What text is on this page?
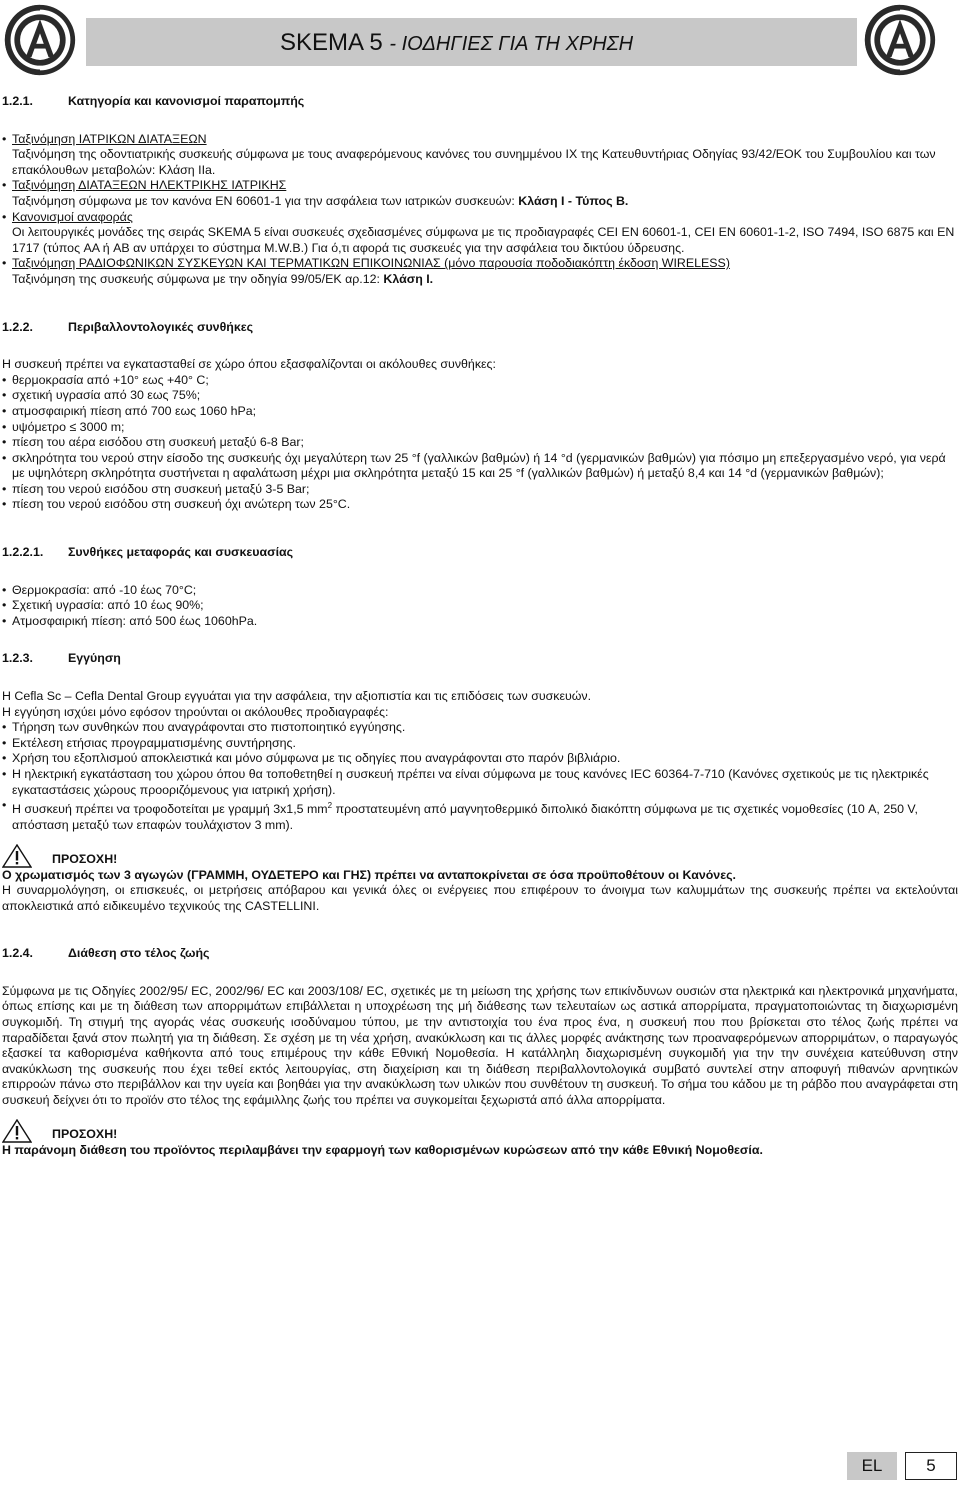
SKEMA 5 - ΙΟΔΗΓΙΕΣ ΓΙΑ ΤΗ ΧΡΗΣΗ
1.2.1.	Κατηγορία και κανονισμοί παραπομπής
• Ταξινόμηση ΙΑΤΡΙΚΩΝ ΔΙΑΤΑΞΕΩΝ
Ταξινόμηση της οδοντιατρικής συσκευής σύμφωνα με τους αναφερόμενους κανόνες του συνημμένου IX της Κατευθυντήριας Οδηγίας 93/42/ΕΟΚ του Συμβουλίου και των επακόλουθων μεταβολών: Κλάση IIa.
• Ταξινόμηση ΔΙΑΤΑΞΕΩΝ ΗΛΕΚΤΡΙΚΗΣ ΙΑΤΡΙΚΗΣ
Ταξινόμηση σύμφωνα με τον κανόνα EN 60601-1 για την ασφάλεια των ιατρικών συσκευών: Κλάση I - Τύπος B.
• Κανονισμοί αναφοράς
Οι λειτουργικές μονάδες της σειράς SKEMA 5 είναι συσκευές σχεδιασμένες σύμφωνα με τις προδιαγραφές CEI EN 60601-1, CEI EN 60601-1-2, ISO 7494, ISO 6875 και EN 1717 (τύπος AA ή AB αν υπάρχει το σύστημα M.W.B.) Για ό,τι αφορά τις συσκευές για την ασφάλεια του δικτύου ύδρευσης.
• Ταξινόμηση ΡΑΔΙΟΦΩΝΙΚΩΝ ΣΥΣΚΕΥΩΝ ΚΑΙ ΤΕΡΜΑΤΙΚΩΝ ΕΠΙΚΟΙΝΩΝΙΑΣ (μόνο παρουσία ποδοδιακόπτη έκδοση WIRELESS)
Ταξινόμηση της συσκευής σύμφωνα με την οδηγία 99/05/ΕΚ αρ.12: Κλάση I.
1.2.2.	Περιβαλλοντολογικές συνθήκες
Η συσκευή πρέπει να εγκατασταθεί σε χώρο όπου εξασφαλίζονται οι ακόλουθες συνθήκες:
• θερμοκρασία από +10° εως +40° C;
• σχετική υγρασία από 30 εως 75%;
• ατμοσφαιρική πίεση από 700 εως 1060 hPa;
• υψόμετρο ≤ 3000 m;
• πίεση του αέρα εισόδου στη συσκευή μεταξύ 6-8 Bar;
• σκληρότητα του νερού στην είσοδο της συσκευής όχι μεγαλύτερη των 25 °f (γαλλικών βαθμών) ή 14 °d (γερμανικών βαθμών) για πόσιμο μη επεξεργασμένο νερό, για νερά με υψηλότερη σκληρότητα συστήνεται η αφαλάτωση μέχρι μια σκληρότητα μεταξύ 15 και 25 °f (γαλλικών βαθμών) ή μεταξύ 8,4 και 14 °d (γερμανικών βαθμών);
• πίεση του νερού εισόδου στη συσκευή μεταξύ 3-5 Bar;
• πίεση του νερού εισόδου στη συσκευή όχι ανώτερη των 25°C.
1.2.2.1.	Συνθήκες μεταφοράς και συσκευασίας
• Θερμοκρασία: από -10 έως 70°C;
• Σχετική υγρασία: από 10 έως 90%;
• Ατμοσφαιρική πίεση: από 500 έως 1060hPa.
1.2.3.	Εγγύηση
Η Cefla Sc – Cefla Dental Group εγγυάται για την ασφάλεια, την αξιοπιστία και τις επιδόσεις των συσκευών.
Η εγγύηση ισχύει μόνο εφόσον τηρούνται οι ακόλουθες προδιαγραφές:
• Τήρηση των συνθηκών που αναγράφονται στο πιστοποιητικό εγγύησης.
• Εκτέλεση ετήσιας προγραμματισμένης συντήρησης.
• Χρήση του εξοπλισμού αποκλειστικά και μόνο σύμφωνα με τις οδηγίες που αναγράφονται στο παρόν βιβλιάριο.
• Η ηλεκτρική εγκατάσταση του χώρου όπου θα τοποθετηθεί η συσκευή πρέπει να είναι σύμφωνα με τους κανόνες IEC 60364-7-710 (Κανόνες σχετικούς με τις ηλεκτρικές εγκαταστάσεις χώρους προοριζόμενους για ιατρική χρήση).
• Η συσκευή πρέπει να τροφοδοτείται με γραμμή 3x1,5 $mm^2$ προστατευμένη από μαγνητοθερμικό διπολικό διακόπτη σύμφωνα με τις σχετικές νομοθεσίες (10 A, 250 V, απόσταση μεταξύ των επαφών τουλάχιστον 3 mm).
ΠΡΟΣΟΧΗ!
Ο χρωματισμός των 3 αγωγών (ΓΡΑΜΜΗ, ΟΥΔΕΤΕΡΟ και ΓΗΣ) πρέπει να ανταποκρίνεται σε όσα προϋποθέτουν οι Κανόνες.
Η συναρμολόγηση, οι επισκευές, οι μετρήσεις απόβαρου και γενικά όλες οι ενέργειες που επιφέρουν το άνοιγμα των καλυμμάτων της συσκευής πρέπει να εκτελούνται αποκλειστικά από ειδικευμένο τεχνικούς της CASTELLINI.
1.2.4.	Διάθεση στο τέλος ζωής
Σύμφωνα με τις Οδηγίες 2002/95/ EC, 2002/96/ EC και 2003/108/ EC, σχετικές με τη μείωση της χρήσης των επικίνδυνων ουσιών στα ηλεκτρικά και ηλεκτρονικά μηχανήματα, όπως επίσης και με τη διάθεση των απορριμάτων επιβάλλεται η υποχρέωση της μή διάθεσης των τελευταίων ως αστικά απορρίματα, πραγματοποιώντας τη διαχωρισμένη συγκομιδή. Τη στιγμή της αγοράς νέας συσκευής ισοδύναμου τύπου, με την αντιστοιχία του ένα προς ένα, η συσκευή που που βρίσκεται στο τέλος ζωής πρέπει να παραδίδεται ξανά στον πωλητή για τη διάθεση. Σε σχέση με τη νέα χρήση, ανακύκλωση και τις άλλες μορφές ανάκτησης των προαναφερόμενων απορριμάτων, ο παραγωγός εξασκεί τα καθορισμένα καθήκοντα από τους επιμέρους την κάθε Εθνική Νομοθεσία. Η κατάλληλη διαχωρισμένη συγκομιδή για την την συνέχεια κατεύθυνση στην ανακύκλωση της συσκευής που έχει τεθεί εκτός λειτουργίας, στη διαχείριση και τη διάθεση περιβαλλοντολογικά συμβατό συντελεί στην αποφυγή πιθανών αρνητικών επιρροών πάνω στο περιβάλλον και την υγεία και βοηθάει για την ανακύκλωση των υλικών που συνθέτουν τη συσκευή. Το σήμα του κάδου με τη ράβδο που αναγράφεται στη συσκευή δείχνει ότι το προϊόν στο τέλος της εφάμιλλης ζωής του πρέπει να συγκομείται ξεχωριστά από άλλα απορρίματα.
ΠΡΟΣΟΧΗ!
Η παράνομη διάθεση του προϊόντος περιλαμβάνει την εφαρμογή των καθορισμένων κυρώσεων από την κάθε Εθνική Νομοθεσία.
EL	5
